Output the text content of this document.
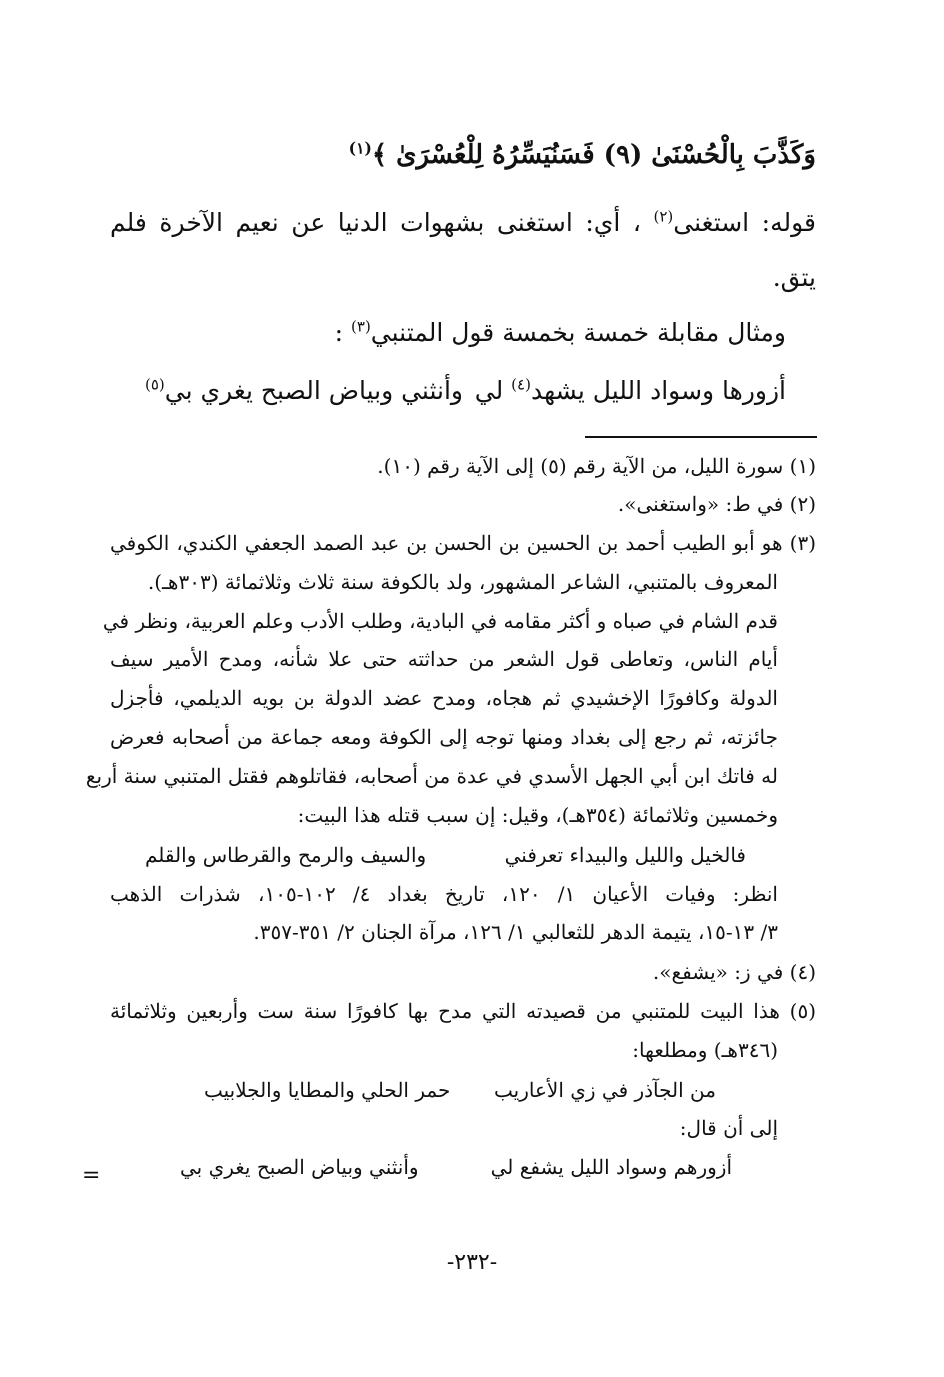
وَكَذَّبَ بِالْحُسْنَىٰ (٩) فَسَنُيَسِّرُهُ لِلْعُسْرَىٰ ﴾$^{(١)}$
قوله: استغنى$^{(٢)}$ ، أي: استغنى بشهوات الدنيا عن نعيم الآخرة فلم
يتق.
ومثال مقابلة خمسة بخمسة قول المتنبي$^{(٣)}$ :
أزورها وسواد الليل يشهد$^{(٤)}$ لي
وأنثني وبياض الصبح يغري بي$^{(٥)}$
(١) سورة الليل، من الآية رقم (٥) إلى الآية رقم (١٠).
(٢) في ط: «واستغنى».
(٣) هو أبو الطيب أحمد بن الحسين بن الحسن بن عبد الصمد الجعفي الكندي، الكوفي
المعروف بالمتنبي، الشاعر المشهور، ولد بالكوفة سنة ثلاث وثلاثمائة (٣٠٣هـ).
قدم الشام في صباه و أكثر مقامه في البادية، وطلب الأدب وعلم العربية، ونظر في
أيام الناس، وتعاطى قول الشعر من حداثته حتى علا شأنه، ومدح الأمير سيف
الدولة وكافورًا الإخشيدي ثم هجاه، ومدح عضد الدولة بن بويه الديلمي، فأجزل
جائزته، ثم رجع إلى بغداد ومنها توجه إلى الكوفة ومعه جماعة من أصحابه فعرض
له فاتك ابن أبي الجهل الأسدي في عدة من أصحابه، فقاتلوهم فقتل المتنبي سنة أربع
وخمسين وثلاثمائة (٣٥٤هـ)، وقيل: إن سبب قتله هذا البيت:
فالخيل والليل والبيداء تعرفني
والسيف والرمح والقرطاس والقلم
انظر: وفيات الأعيان ١/ ١٢٠، تاريخ بغداد ٤/ ١٠٢-١٠٥، شذرات الذهب
٣/ ١٣-١٥، يتيمة الدهر للثعالبي ١/ ١٢٦، مرآة الجنان ٢/ ٣٥١-٣٥٧.
(٤) في ز: «يشفع».
(٥) هذا البيت للمتنبي من قصيدته التي مدح بها كافورًا سنة ست وأربعين وثلاثمائة
(٣٤٦هـ) ومطلعها:
من الجآذر في زي الأعاريب
حمر الحلي والمطايا والجلابيب
إلى أن قال:
أزورهم وسواد الليل يشفع لي
وأنثني وبياض الصبح يغري بي
=
-٢٣٢-
